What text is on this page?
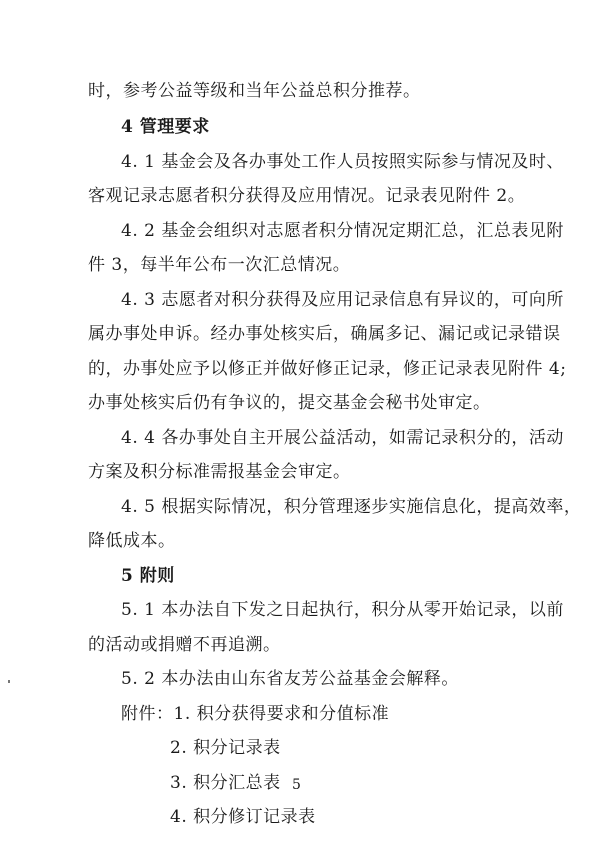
时，参考公益等级和当年公益总积分推荐。
4 管理要求
4. 1 基金会及各办事处工作人员按照实际参与情况及时、
客观记录志愿者积分获得及应用情况。记录表见附件 2。
4. 2 基金会组织对志愿者积分情况定期汇总，汇总表见附
件 3，每半年公布一次汇总情况。
4. 3 志愿者对积分获得及应用记录信息有异议的，可向所
属办事处申诉。经办事处核实后，确属多记、漏记或记录错误
的，办事处应予以修正并做好修正记录，修正记录表见附件 4;
办事处核实后仍有争议的，提交基金会秘书处审定。
4. 4 各办事处自主开展公益活动，如需记录积分的，活动
方案及积分标准需报基金会审定。
4. 5 根据实际情况，积分管理逐步实施信息化，提高效率，
降低成本。
5 附则
5. 1 本办法自下发之日起执行，积分从零开始记录，以前
的活动或捐赠不再追溯。
5. 2 本办法由山东省友芳公益基金会解释。
附件：1. 积分获得要求和分值标准
2. 积分记录表
3. 积分汇总表
4. 积分修订记录表
5
